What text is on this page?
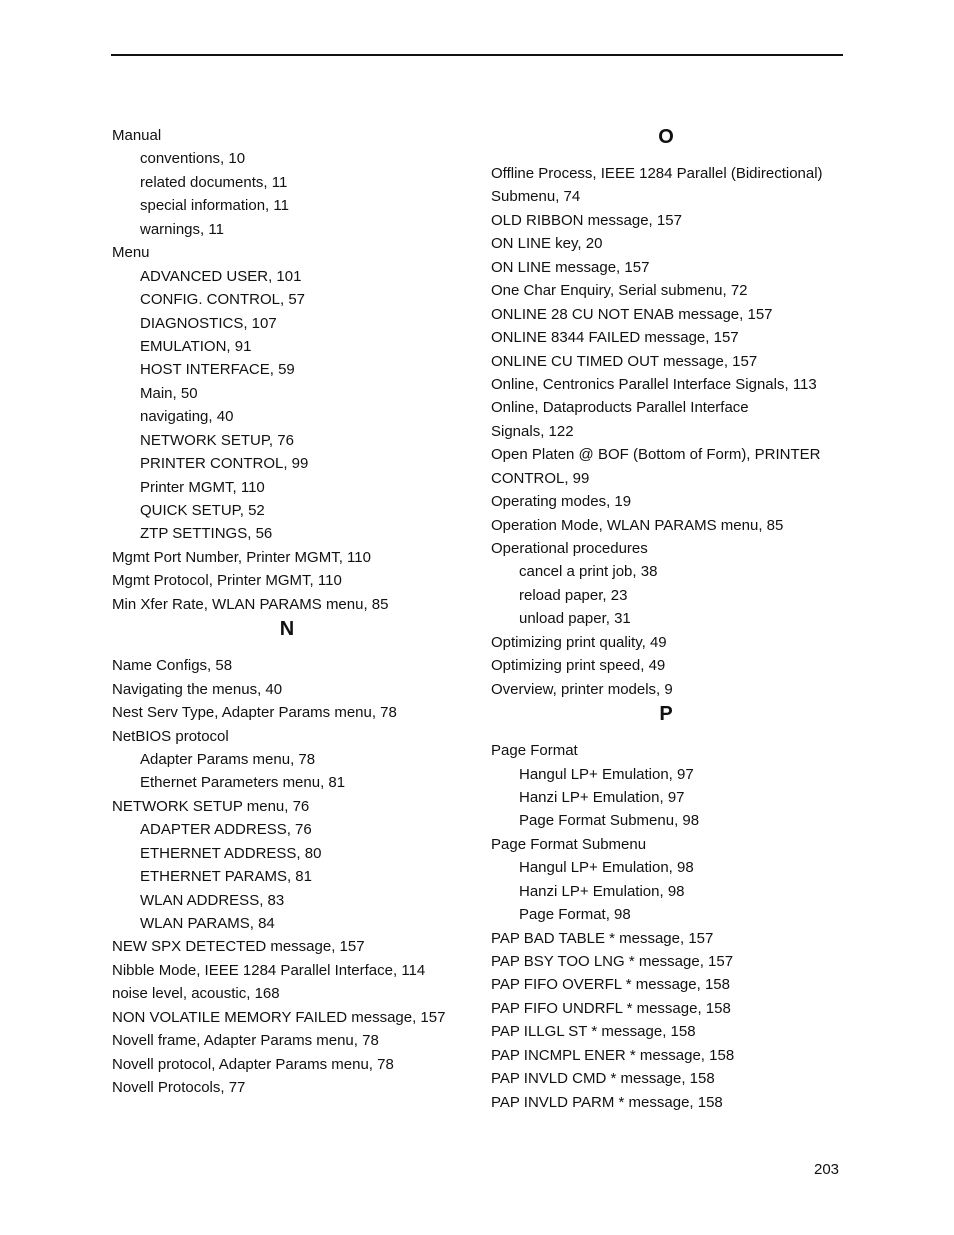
Manual
conventions, 10
related documents, 11
special information, 11
warnings, 11
Menu
ADVANCED USER, 101
CONFIG. CONTROL, 57
DIAGNOSTICS, 107
EMULATION, 91
HOST INTERFACE, 59
Main, 50
navigating, 40
NETWORK SETUP, 76
PRINTER CONTROL, 99
Printer MGMT, 110
QUICK SETUP, 52
ZTP SETTINGS, 56
Mgmt Port Number, Printer MGMT, 110
Mgmt Protocol, Printer MGMT, 110
Min Xfer Rate, WLAN PARAMS menu, 85
N
Name Configs, 58
Navigating the menus, 40
Nest Serv Type, Adapter Params menu, 78
NetBIOS protocol
Adapter Params menu, 78
Ethernet Parameters menu, 81
NETWORK SETUP menu, 76
ADAPTER ADDRESS, 76
ETHERNET ADDRESS, 80
ETHERNET PARAMS, 81
WLAN ADDRESS, 83
WLAN PARAMS, 84
NEW SPX DETECTED message, 157
Nibble Mode, IEEE 1284 Parallel Interface, 114
noise level, acoustic, 168
NON VOLATILE MEMORY FAILED message, 157
Novell frame, Adapter Params menu, 78
Novell protocol, Adapter Params menu, 78
Novell Protocols, 77
O
Offline Process, IEEE 1284 Parallel (Bidirectional)
Submenu, 74
OLD RIBBON message, 157
ON LINE key, 20
ON LINE message, 157
One Char Enquiry, Serial submenu, 72
ONLINE 28 CU NOT ENAB message, 157
ONLINE 8344 FAILED message, 157
ONLINE CU TIMED OUT message, 157
Online, Centronics Parallel Interface Signals, 113
Online, Dataproducts Parallel Interface
Signals, 122
Open Platen @ BOF (Bottom of Form), PRINTER
CONTROL, 99
Operating modes, 19
Operation Mode, WLAN PARAMS menu, 85
Operational procedures
cancel a print job, 38
reload paper, 23
unload paper, 31
Optimizing print quality, 49
Optimizing print speed, 49
Overview, printer models, 9
P
Page Format
Hangul LP+ Emulation, 97
Hanzi LP+ Emulation, 97
Page Format Submenu, 98
Page Format Submenu
Hangul LP+ Emulation, 98
Hanzi LP+ Emulation, 98
Page Format, 98
PAP BAD TABLE * message, 157
PAP BSY TOO LNG * message, 157
PAP FIFO OVERFL * message, 158
PAP FIFO UNDRFL * message, 158
PAP ILLGL ST * message, 158
PAP INCMPL ENER * message, 158
PAP INVLD CMD * message, 158
PAP INVLD PARM * message, 158
203
